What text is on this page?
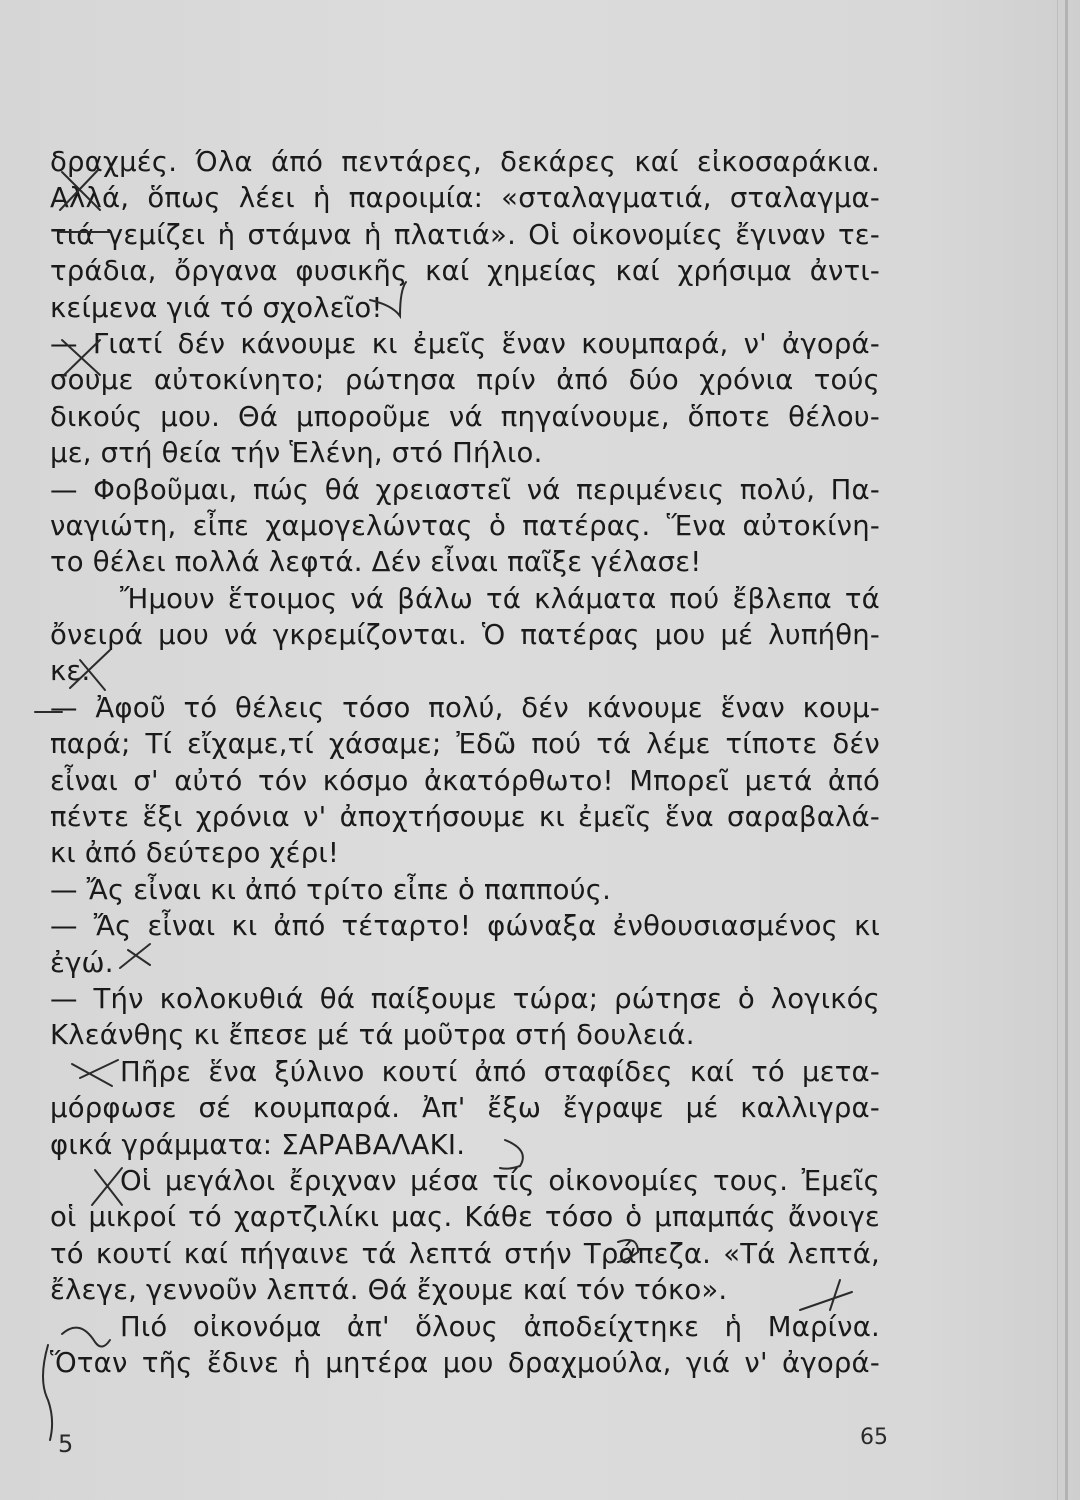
δραχμές. Όλα άπό πεντάρες, δεκάρες καί εἰκοσαράκια.
Αλλά, ὅπως λέει ἡ παροιμία: «σταλαγματιά, σταλαγμα-
τιά γεμίζει ἡ στάμνα ἡ πλατιά». Οἱ οἰκονομίες ἔγιναν τε-
τράδια, ὄργανα φυσικῆς καί χημείας καί χρήσιμα ἀντι-
κείμενα γιά τό σχολεῖο!
— Γιατί δέν κάνουμε κι ἐμεῖς ἕναν κουμπαρά, ν' ἀγορά-
σουμε αὐτοκίνητο; ρώτησα πρίν ἀπό δύο χρόνια τούς
δικούς μου. Θά μποροῦμε νά πηγαίνουμε, ὅποτε θέλου-
με, στή θεία τήν Ἑλένη, στό Πήλιο.
— Φοβοῦμαι, πώς θά χρειαστεῖ νά περιμένεις πολύ, Πα-
ναγιώτη, εἶπε χαμογελώντας ὁ πατέρας. Ἕνα αὐτοκίνη-
το θέλει πολλά λεφτά. Δέν εἶναι παῖξε γέλασε!
Ἤμουν ἕτοιμος νά βάλω τά κλάματα πού ἔβλεπα τά
ὄνειρά μου νά γκρεμίζονται. Ὁ πατέρας μου μέ λυπήθη-
κε.
— Ἀφοῦ τό θέλεις τόσο πολύ, δέν κάνουμε ἕναν κουμ-
παρά; Τί εἴχαμε,τί χάσαμε; Ἐδῶ πού τά λέμε τίποτε δέν
εἶναι σ' αὐτό τόν κόσμο ἀκατόρθωτο! Μπορεῖ μετά ἀπό
πέντε ἕξι χρόνια ν' ἀποχτήσουμε κι ἐμεῖς ἕνα σαραβαλά-
κι ἀπό δεύτερο χέρι!
— Ἄς εἶναι κι ἀπό τρίτο εἶπε ὁ παππούς.
— Ἄς εἶναι κι ἀπό τέταρτο! φώναξα ἐνθουσιασμένος κι
ἐγώ.
— Τήν κολοκυθιά θά παίξουμε τώρα; ρώτησε ὁ λογικός
Κλεάνθης κι ἔπεσε μέ τά μοῦτρα στή δουλειά.
Πῆρε ἕνα ξύλινο κουτί ἀπό σταφίδες καί τό μετα-
μόρφωσε σέ κουμπαρά. Ἀπ' ἔξω ἔγραψε μέ καλλιγρα-
φικά γράμματα: ΣΑΡΑΒΑΛΑΚΙ.
Οἱ μεγάλοι ἔριχναν μέσα τίς οἰκονομίες τους. Ἐμεῖς
οἱ μικροί τό χαρτζιλίκι μας. Κάθε τόσο ὁ μπαμπάς ἄνοιγε
τό κουτί καί πήγαινε τά λεπτά στήν Τράπεζα. «Τά λεπτά,
ἔλεγε, γεννοῦν λεπτά. Θά ἔχουμε καί τόν τόκο».
Πιό οἰκονόμα ἀπ' ὅλους ἀποδείχτηκε ἡ Μαρίνα.
Ὅταν τῆς ἔδινε ἡ μητέρα μου δραχμούλα, γιά ν' ἀγορά-
5	65
